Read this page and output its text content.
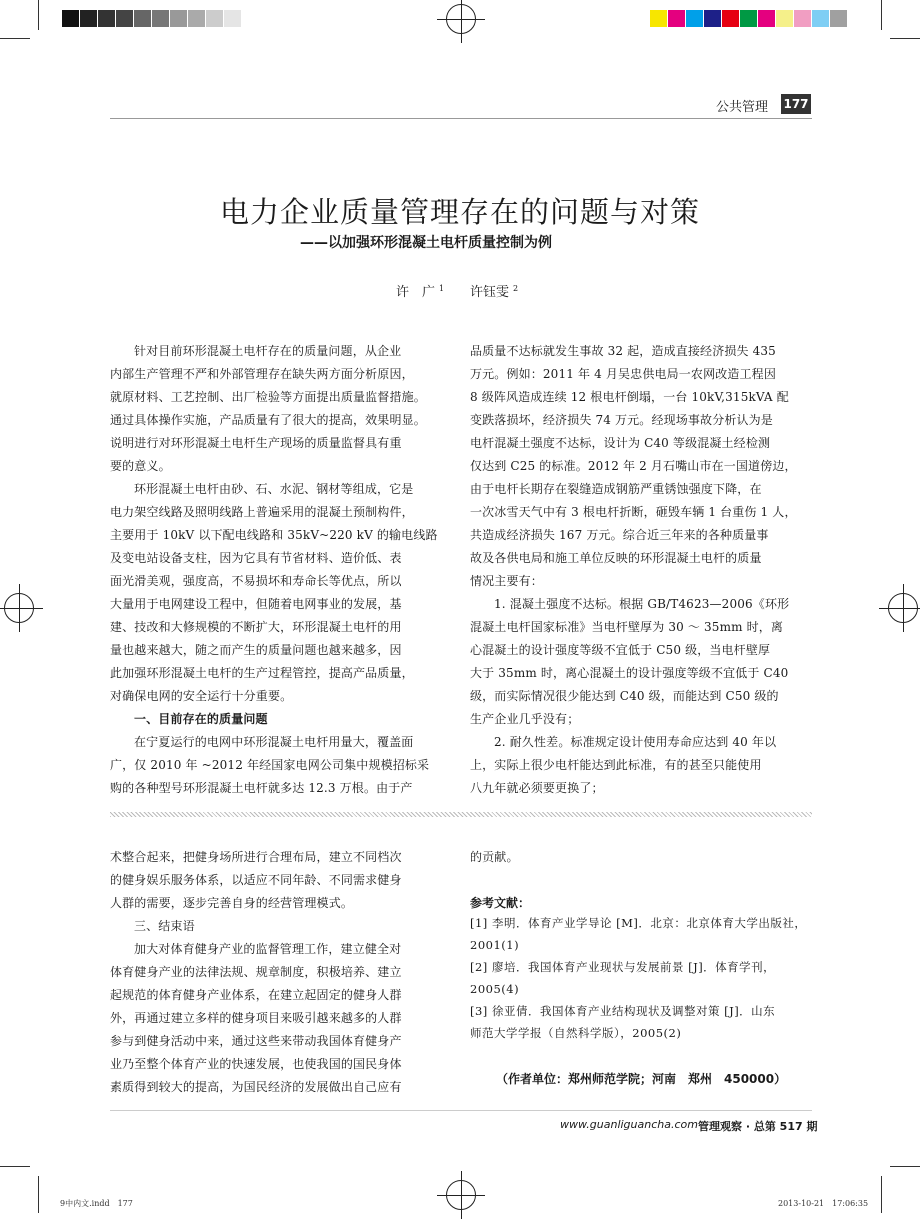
公共管理 177
电力企业质量管理存在的问题与对策
——以加强环形混凝土电杆质量控制为例
许　广 $^1$ 许钰雯 $^2$

针对目前环形混凝土电杆存在的质量问题，从企业

内部生产管理不严和外部管理存在缺失两方面分析原因，

就原材料、工艺控制、出厂检验等方面提出质量监督措施。

通过具体操作实施，产品质量有了很大的提高，效果明显。

说明进行对环形混凝土电杆生产现场的质量监督具有重

要的意义。

环形混凝土电杆由砂、石、水泥、钢材等组成，它是

电力架空线路及照明线路上普遍采用的混凝土预制构件，

主要用于 10kV 以下配电线路和 35kV~220 kV 的输电线路

及变电站设备支柱，因为它具有节省材料、造价低、表

面光滑美观，强度高，不易损坏和寿命长等优点，所以

大量用于电网建设工程中，但随着电网事业的发展，基

建、技改和大修规模的不断扩大，环形混凝土电杆的用

量也越来越大，随之而产生的质量问题也越来越多，因

此加强环形混凝土电杆的生产过程管控，提高产品质量，

对确保电网的安全运行十分重要。

一、目前存在的质量问题

在宁夏运行的电网中环形混凝土电杆用量大，覆盖面

广，仅 2010 年 ~2012 年经国家电网公司集中规模招标采

购的各种型号环形混凝土电杆就多达 12.3 万根。由于产

品质量不达标就发生事故 32 起，造成直接经济损失 435

万元。例如：2011 年 4 月吴忠供电局一农网改造工程因

8 级阵风造成连续 12 根电杆倒塌，一台 10kV,315kVA 配

变跌落损坏，经济损失 74 万元。经现场事故分析认为是

电杆混凝土强度不达标，设计为 C40 等级混凝土经检测

仅达到 C25 的标准。2012 年 2 月石嘴山市在一国道傍边，

由于电杆长期存在裂缝造成钢筋严重锈蚀强度下降，在

一次冰雪天气中有 3 根电杆折断，砸毁车辆 1 台重伤 1 人，

共造成经济损失 167 万元。综合近三年来的各种质量事

故及各供电局和施工单位反映的环形混凝土电杆的质量

情况主要有：

1. 混凝土强度不达标。根据 GB/T4623—2006《环形

混凝土电杆国家标准》当电杆壁厚为 30 ～ 35mm 时，离

心混凝土的设计强度等级不宜低于 C50 级，当电杆壁厚

大于 35mm 时，离心混凝土的设计强度等级不宜低于 C40

级，而实际情况很少能达到 C40 级，而能达到 C50 级的

生产企业几乎没有；

2. 耐久性差。标准规定设计使用寿命应达到 40 年以

上，实际上很少电杆能达到此标准，有的甚至只能使用

八九年就必须要更换了；

术整合起来，把健身场所进行合理布局，建立不同档次

的健身娱乐服务体系，以适应不同年龄、不同需求健身

人群的需要，逐步完善自身的经营管理模式。

三、结束语

加大对体育健身产业的监督管理工作，建立健全对

体育健身产业的法律法规、规章制度，积极培养、建立

起规范的体育健身产业体系，在建立起固定的健身人群

外，再通过建立多样的健身项目来吸引越来越多的人群

参与到健身活动中来，通过这些来带动我国体育健身产

业乃至整个体育产业的快速发展，也使我国的国民身体

素质得到较大的提高，为国民经济的发展做出自己应有

的贡献。

参考文献：

[1] 李明．体育产业学导论 [M]．北京：北京体育大学出版社，

2001(1)

[2] 廖培．我国体育产业现状与发展前景 [J]．体育学刊，

2005(4)

[3] 徐亚倩．我国体育产业结构现状及调整对策 [J]．山东

师范大学学报（自然科学版），2005(2)

（作者单位：郑州师范学院；河南　郑州　450000）
www.guanliguancha.com 管理观察 · 总第 517 期
9中内文.indd　177	2013-10-21　17:06:35
